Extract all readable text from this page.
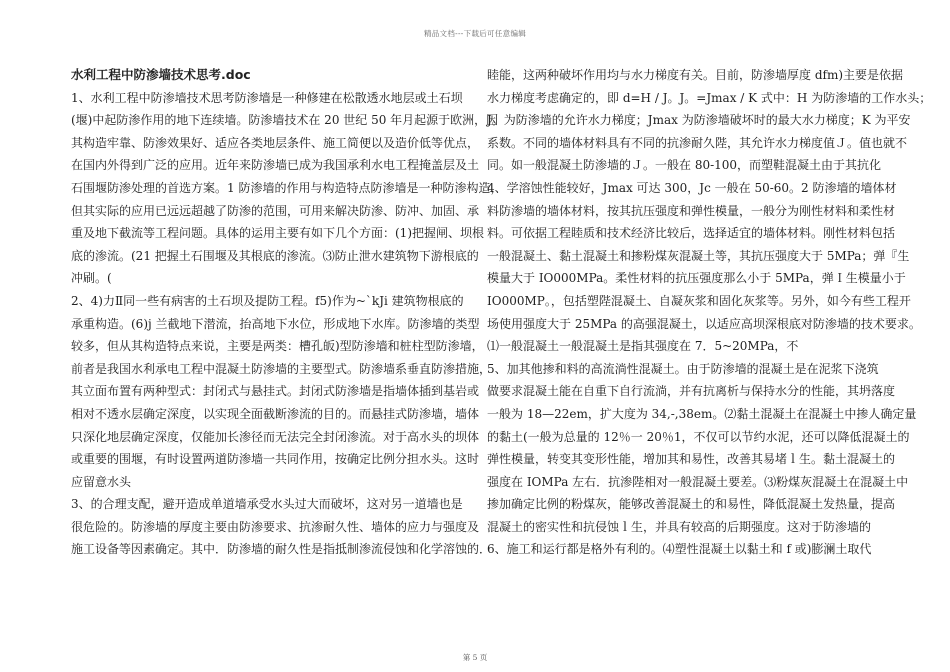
精品文档---下载后可任意编辑
水利工程中防渗墙技术思考.doc
1、水利工程中防渗墙技术思考防渗墙是一种修建在松散透水地层或土石坝
(堰)中起防渗作用的地下连续墙。防渗墙技术在 20 世纪 50 年月起源于欧洲，因
其构造牢靠、防渗效果好、适应各类地层条件、施工简便以及造价低等优点，
在国内外得到广泛的应用。近年来防渗墙已成为我国承利水电工程掩盖层及土
石围堰防渗处理的首选方案。1 防渗墙的作用与构造特点防渗墙是一种防渗构造，
但其实际的应用已远远超越了防渗的范围，可用来解决防渗、防冲、加固、承
重及地下截流等工程问题。具体的运用主要有如下几个方面：(1)把握闸、坝根
底的渗流。(21 把握土石围堰及其根底的渗流。⑶防止泄水建筑物下游根底的
冲刷。(
2、4)力Ⅱ同一些有病害的土石坝及提防工程。f5)作为~`kJi 建筑物根底的
承重构造。(6)j 兰截地下潜流，抬高地下水位，形成地下水库。防渗墙的类型
较多，但从其构造特点来说，主要是两类：槽孔皈)型防渗墙和桩柱型防渗墙，
前者是我国水利承电工程中混凝土防渗墙的主要型式。防渗墙系垂直防渗措施，
其立面布置有两种型式：封闭式与悬挂式。封闭式防渗墙是指墙体插到基岩或
相对不透水层确定深度，以实现全面截断渗流的目的。而悬挂式防渗墙，墙体
只深化地层确定深度，仅能加长渗径而无法完全封闭渗流。对于高水头的坝体
或重要的围堰，有时设置两道防渗墙一共同作用，按确定比例分担水头。这时
应留意水头
3、的合理支配，避开造成单道墙承受水头过大而破坏，这对另一道墙也是
很危险的。防渗墙的厚度主要由防渗要求、抗渗耐久性、墙体的应力与强度及
施工设备等因素确定。其中．防渗墙的耐久性是指抵制渗流侵蚀和化学溶蚀的．
睦能，这两种破坏作用均与水力梯度有关。目前，防渗墙厚度 dfm)主要是依据
水力梯度考虑确定的，即 d=H / J。J。=Jmax / K 式中：H 为防渗墙的工作水头；
J。为防渗墙的允许水力梯度；Jmax 为防渗墙破坏时的最大水力梯度；K 为平安
系数。不同的墙体材料具有不同的抗渗耐久陛，其允许水力梯度值Ｊ。值也就不
同。如一般混凝土防渗墙的Ｊ。一般在 80-100，而塑鞋混凝土由于其抗化
4、学溶蚀性能较好，Jmax 可达 300，Jc 一般在 50-60。2 防渗墙的墙体材
料防渗墙的墙体材料，按其抗压强度和弹性模量，一般分为刚性材料和柔性材
料。可依据工程睦质和技术经济比较后，选择适宜的墙体材料。刚性材料包括
一般混凝土、黏土混凝土和掺粉煤灰混凝土等，其抗压强度大于 5MPa；弹『生
模量大于 IO000MPa。柔性材料的抗压强度那么小于 5MPa，弹Ｉ生模量小于
IO000MP。，包括塑陛混凝土、自凝灰浆和固化灰浆等。另外，如今有些工程开
场使用强度大于 25MPa 的高强混凝土，以适应高坝深根底对防渗墙的技术要求。
⑴一般混凝土一般混凝土是指其强度在 7．5~20MPa，不
5、加其他掺和料的高流淌性混凝土。由于防渗墙的混凝土是在泥浆下浇筑
做要求混凝土能在自重下自行流淌，并有抗离析与保持水分的性能，其坍落度
一般为 18—22em，扩大度为 34,-,38em。⑵黏土混凝土在混凝土中掺人确定量
的黏土(一般为总量的 12％一 20％1，不仅可以节约水泥，还可以降低混凝土的
弹性模量，转变其变形性能，增加其和易性，改善其易堵ｌ生。黏土混凝土的
强度在 IOMPa 左右．抗渗陛相对一般混凝土要差。⑶粉煤灰混凝土在混凝土中
掺加确定比例的粉煤灰，能够改善混凝土的和易性，降低混凝土发热量，提高
混凝土的密实性和抗侵蚀ｌ生，并具有较高的后期强度。这对于防渗墙的
6、施工和运行都是格外有利的。⑷塑性混凝土以黏土和 f 或)膨澜土取代
第 5 页
